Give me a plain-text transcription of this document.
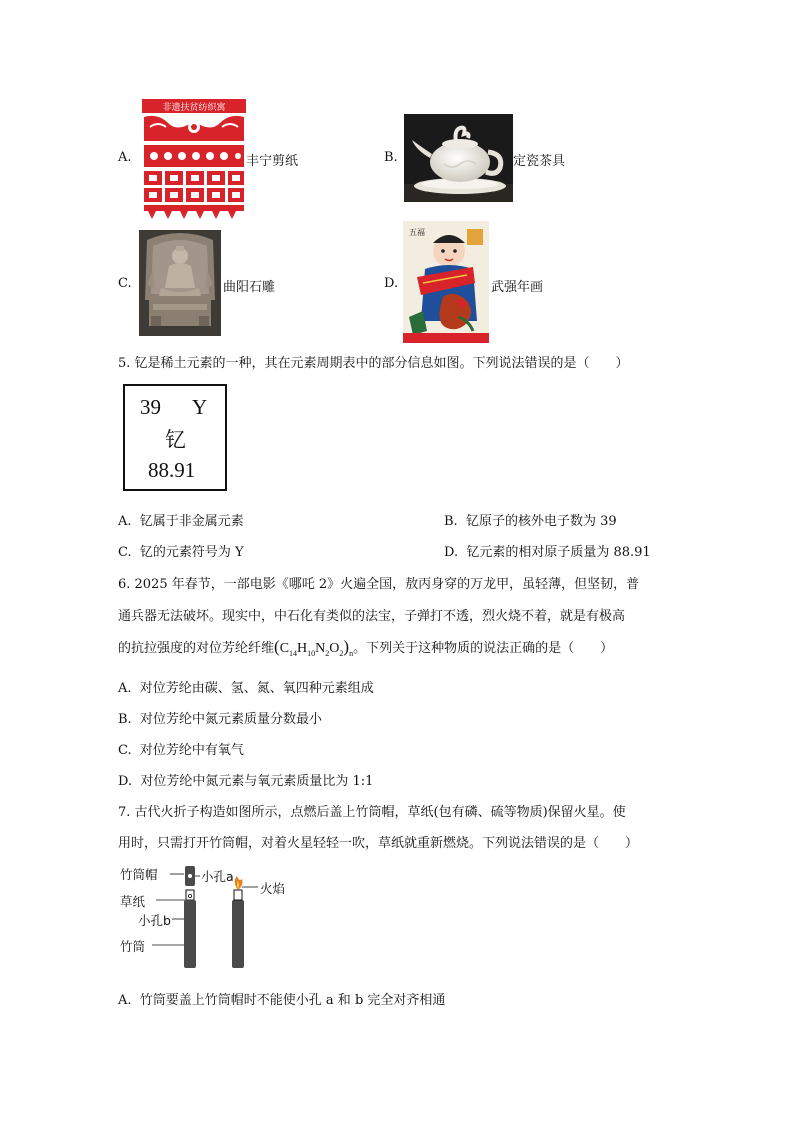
A.
非遗扶贫纺织寓
丰宁剪纸	B.	定瓷茶具
C.	曲阳石雕	D.
五福
武强年画
5. 钇是稀土元素的一种，其在元素周期表中的部分信息如图。下列说法错误的是（　　）
39 Y
钇
88.91
A. 钇属于非金属元素	B. 钇原子的核外电子数为 39
C. 钇的元素符号为 Y	D. 钇元素的相对原子质量为 88.91
6. 2025 年春节，一部电影《哪吒 2》火遍全国，敖丙身穿的万龙甲，虽轻薄，但坚韧，普
通兵器无法破坏。现实中，中石化有类似的法宝，子弹打不透，烈火烧不着，就是有极高
的抗拉强度的对位芳纶纤维$(C_{14}H_{10}N_2O_2)_n$。下列关于这种物质的说法正确的是（　　）
A. 对位芳纶由碳、氢、氮、氧四种元素组成
B. 对位芳纶中氮元素质量分数最小
C. 对位芳纶中有氧气
D. 对位芳纶中氮元素与氧元素质量比为 1:1
7. 古代火折子构造如图所示，点燃后盖上竹筒帽，草纸(包有磷、硫等物质)保留火星。使
用时，只需打开竹筒帽，对着火星轻轻一吹，草纸就重新燃烧。下列说法错误的是（　　）
竹筒帽	小孔a
草纸
小孔b
竹筒
火焰
A. 竹筒要盖上竹筒帽时不能使小孔 a 和 b 完全对齐相通
